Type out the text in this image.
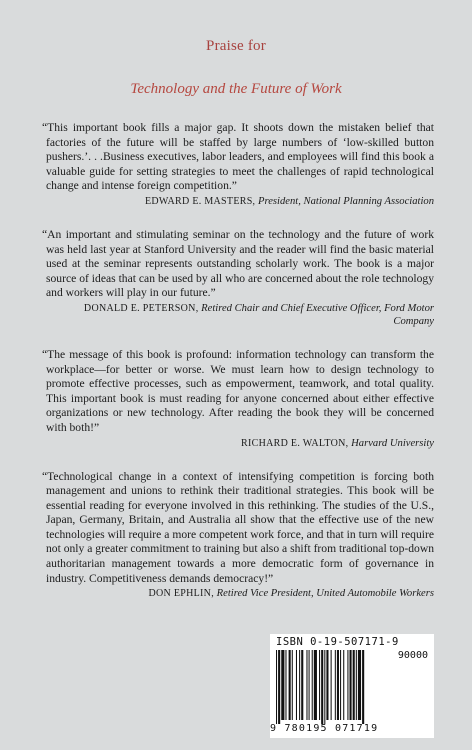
Praise for
Technology and the Future of Work

“This important book fills a major gap. It shoots down the mistaken belief that factories of the future will be staffed by large numbers of ‘low-skilled button pushers.’. . .Business executives, labor leaders, and employees will find this book a valuable guide for setting strategies to meet the challenges of rapid technological change and intense foreign competition.”

EDWARD E. MASTERS, President, National Planning Association

“An important and stimulating seminar on the technology and the future of work was held last year at Stanford University and the reader will find the basic material used at the seminar represents outstanding scholarly work. The book is a major source of ideas that can be used by all who are concerned about the role technology and workers will play in our future.”

DONALD E. PETERSON, Retired Chair and Chief Executive Officer, Ford Motor Company

“The message of this book is profound: information technology can transform the workplace—for better or worse. We must learn how to design technology to promote effective processes, such as empowerment, teamwork, and total quality. This important book is must reading for anyone concerned about either effective organizations or new technology. After reading the book they will be concerned with both!”

RICHARD E. WALTON, Harvard University

“Technological change in a context of intensifying competition is forcing both management and unions to rethink their traditional strategies. This book will be essential reading for everyone involved in this rethinking. The studies of the U.S., Japan, Germany, Britain, and Australia all show that the effective use of the new technologies will require a more competent work force, and that in turn will require not only a greater commitment to training but also a shift from traditional top-down authoritarian management towards a more democratic form of governance in industry. Competitiveness demands democracy!”

DON EPHLIN, Retired Vice President, United Automobile Workers
ISBN 0-19-507171-9
90000
9 780195 071719
